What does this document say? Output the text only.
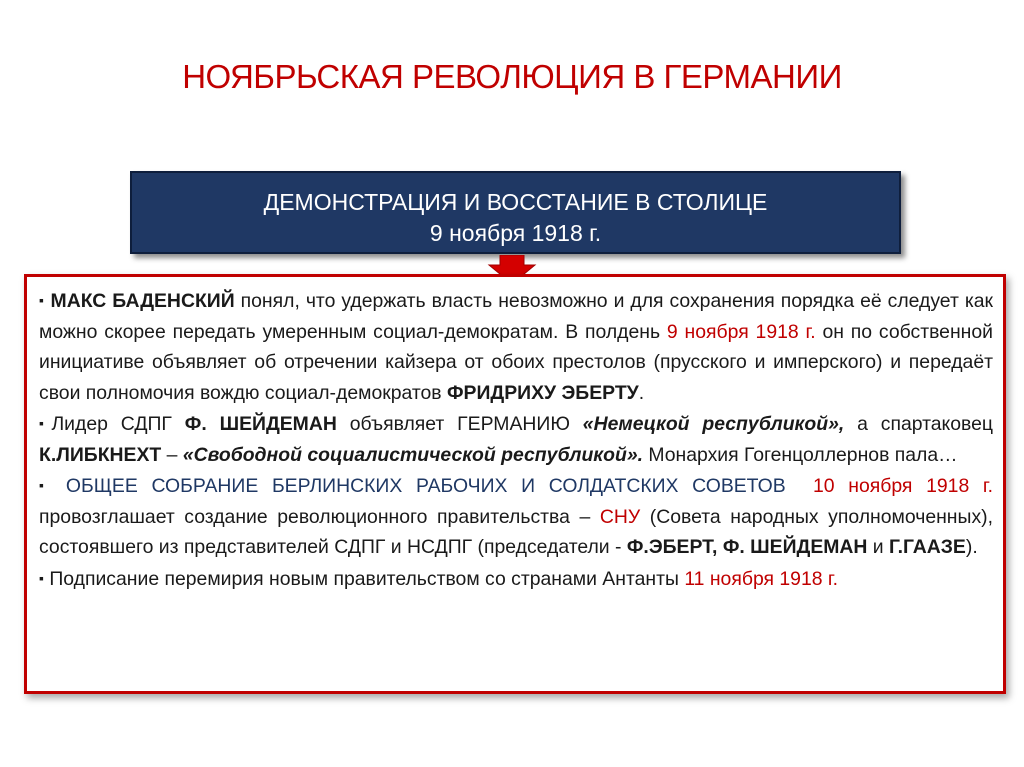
НОЯБРЬСКАЯ РЕВОЛЮЦИЯ В ГЕРМАНИИ
ДЕМОНСТРАЦИЯ И ВОССТАНИЕ В СТОЛИЦЕ
9 ноября 1918 г.

▪ МАКС БАДЕНСКИЙ понял, что удержать власть невозможно и для сохранения порядка её следует как можно скорее передать умеренным социал-демократам. В полдень 9 ноября 1918 г. он по собственной инициативе объявляет об отречении кайзера от обоих престолов (прусского и имперского) и передаёт свои полномочия вождю социал-демократов ФРИДРИХУ ЭБЕРТУ.

▪Лидер СДПГ Ф. ШЕЙДЕМАН объявляет ГЕРМАНИЮ «Немецкой республикой», а спартаковец К.ЛИБКНЕХТ – «Свободной социалистической республикой». Монархия Гогенцоллернов пала…

▪ ОБЩЕЕ СОБРАНИЕ БЕРЛИНСКИХ РАБОЧИХ И СОЛДАТСКИХ СОВЕТОВ 10 ноября 1918 г. провозглашает создание революционного правительства – СНУ (Совета народных уполномоченных), состоявшего из представителей СДПГ и НСДПГ (председатели - Ф.ЭБЕРТ, Ф. ШЕЙДЕМАН и Г.ГААЗЕ).

▪ Подписание перемирия новым правительством со странами Антанты 11 ноября 1918 г.
